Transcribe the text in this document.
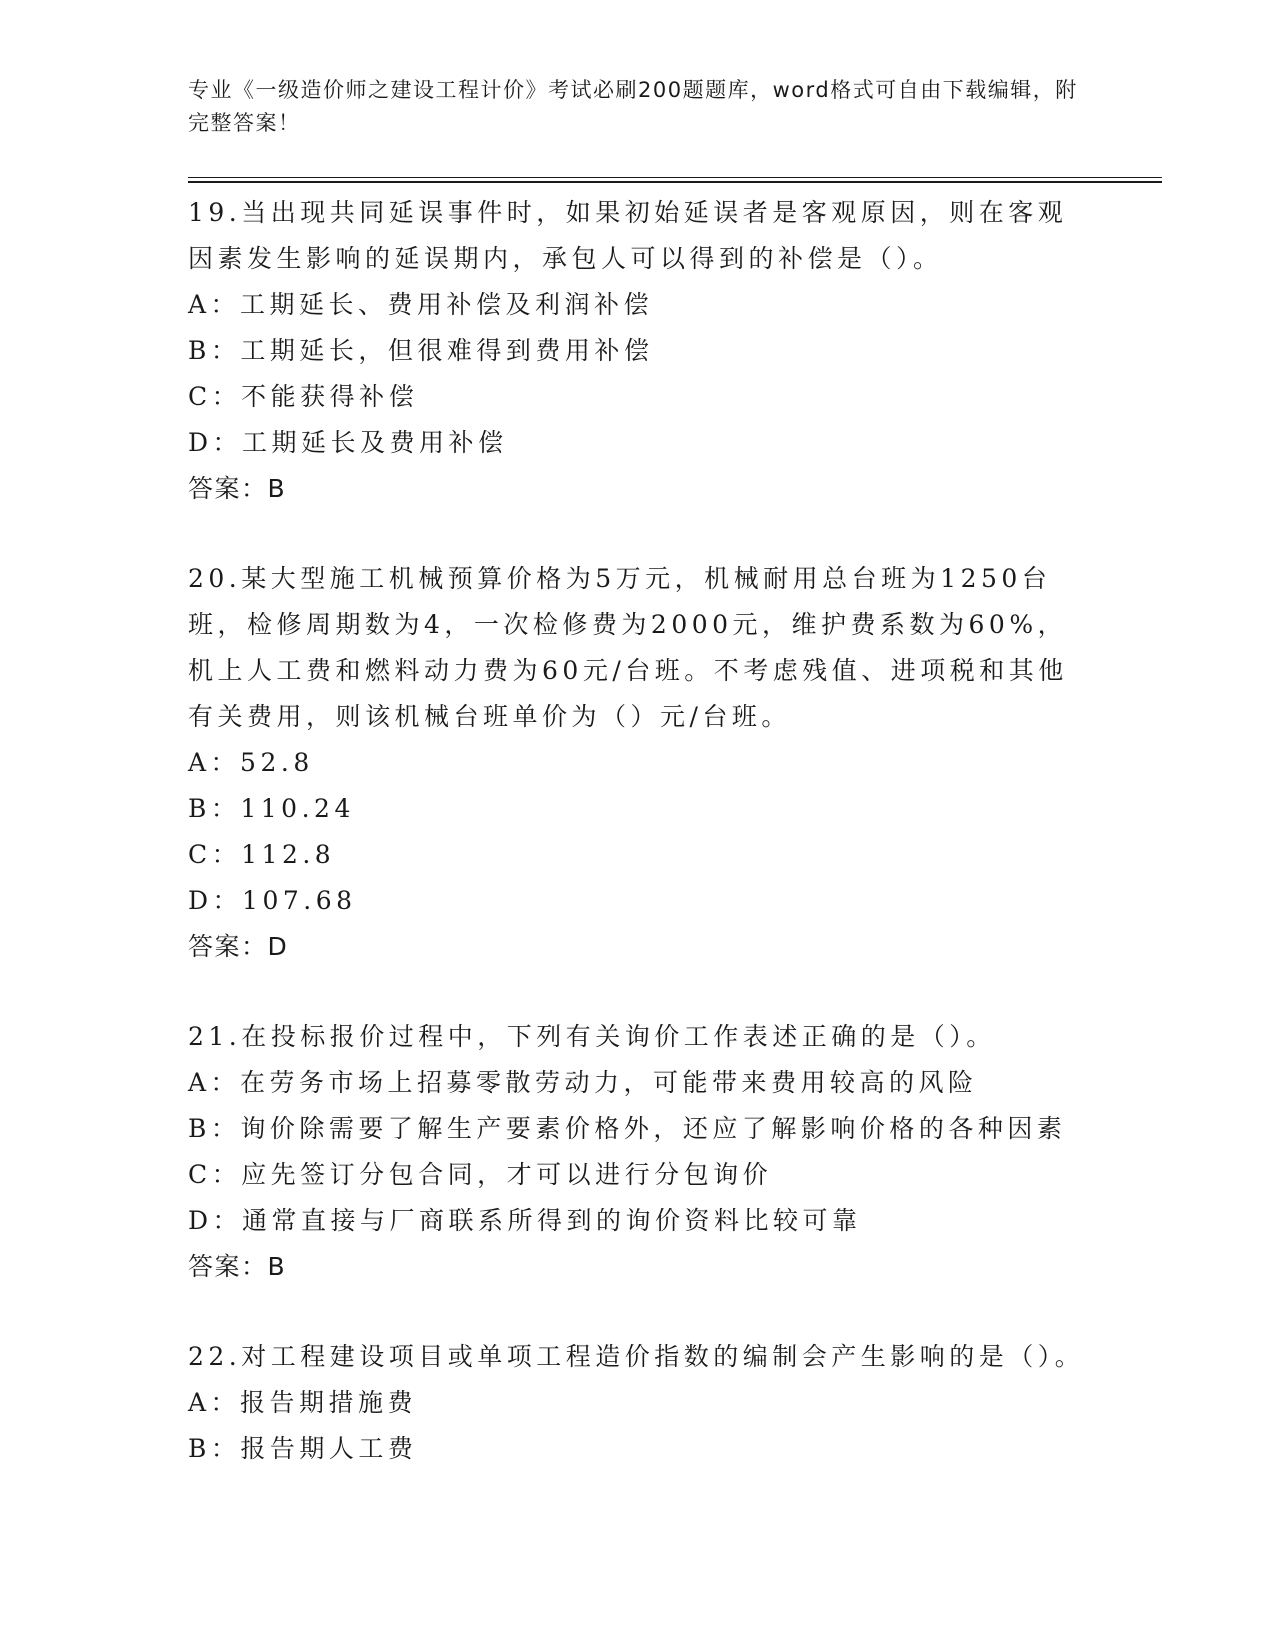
专业《一级造价师之建设工程计价》考试必刷200题题库，word格式可自由下载编辑，附完整答案！
19.当出现共同延误事件时，如果初始延误者是客观原因，则在客观因素发生影响的延误期内，承包人可以得到的补偿是（）。
A：工期延长、费用补偿及利润补偿
B：工期延长，但很难得到费用补偿
C：不能获得补偿
D：工期延长及费用补偿
答案：B
20.某大型施工机械预算价格为5万元，机械耐用总台班为1250台班，检修周期数为4，一次检修费为2000元，维护费系数为60%，机上人工费和燃料动力费为60元/台班。不考虑残值、进项税和其他有关费用，则该机械台班单价为（）元/台班。
A：52.8
B：110.24
C：112.8
D：107.68
答案：D
21.在投标报价过程中，下列有关询价工作表述正确的是（）。
A：在劳务市场上招募零散劳动力，可能带来费用较高的风险
B：询价除需要了解生产要素价格外，还应了解影响价格的各种因素
C：应先签订分包合同，才可以进行分包询价
D：通常直接与厂商联系所得到的询价资料比较可靠
答案：B
22.对工程建设项目或单项工程造价指数的编制会产生影响的是（）。
A：报告期措施费
B：报告期人工费
